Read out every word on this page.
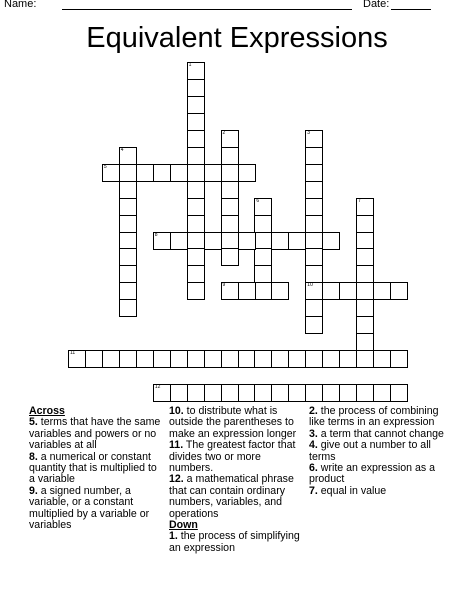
Name:	Date:
Equivalent Expressions
1
2	3
10
4
5
6	7
8
9
11
12

Across

5. terms that have the same variables and powers or no variables at all

8. a numerical or constant quantity that is multiplied to a variable

9. a signed number, a variable, or a constant multiplied by a variable or variables

10. to distribute what is outside the parentheses to make an expression longer

11. The greatest factor that divides two or more numbers.

12. a mathematical phrase that can contain ordinary numbers, variables, and operations

Down

1. the process of simplifying an expression

2. the process of combining like terms in an expression

3. a term that cannot change

4. give out a number to all terms

6. write an expression as a product

7. equal in value
